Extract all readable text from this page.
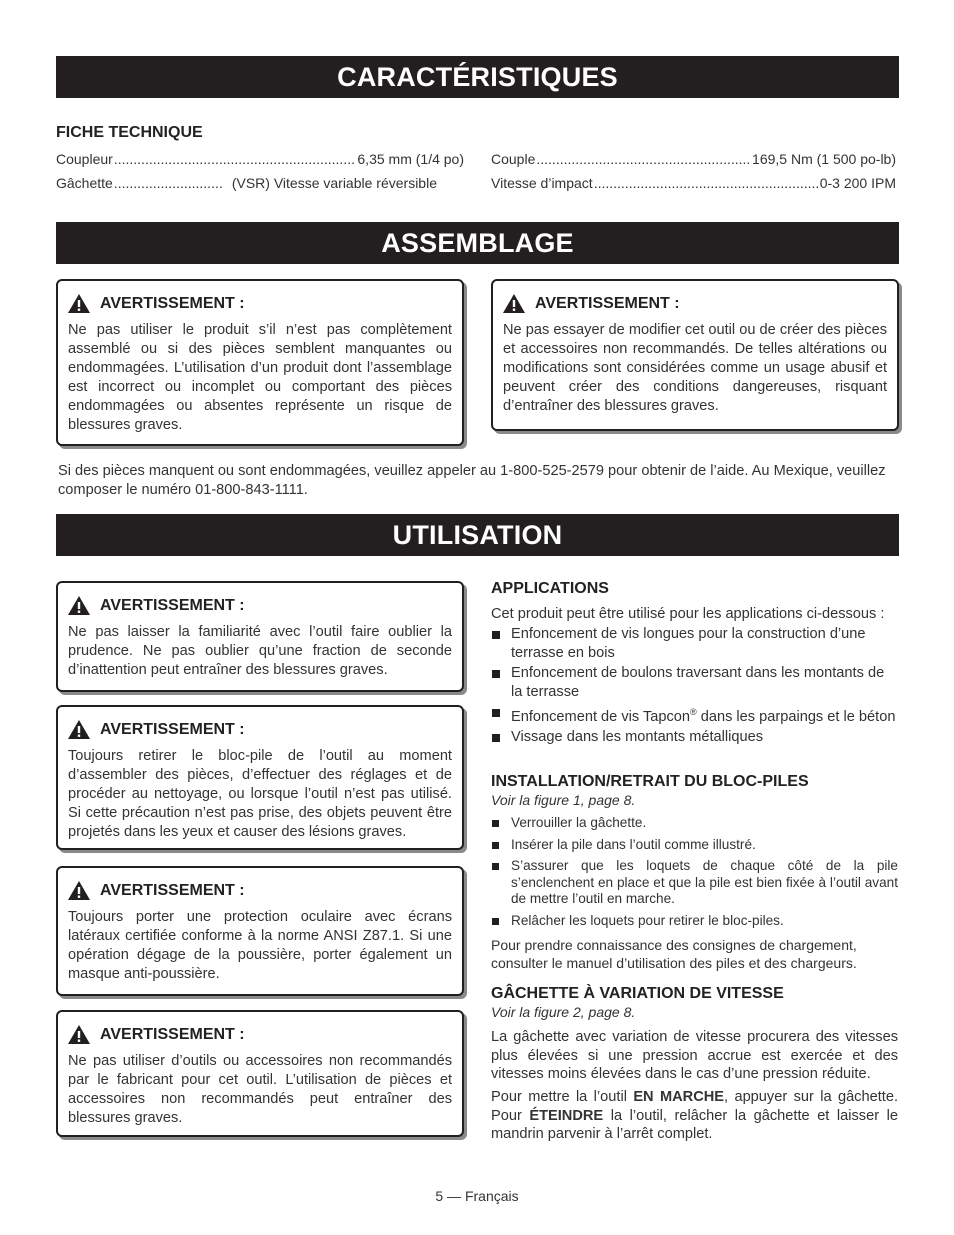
CARACTÉRISTIQUES
FICHE TECHNIQUE
Coupleur .....	6,35 mm (1/4 po)
Gâchette .....	(VSR) Vitesse variable réversible
Couple .....	169,5 Nm (1 500 po-lb)
Vitesse d’impact .....	0-3 200 IPM
ASSEMBLAGE
AVERTISSEMENT :

Ne pas utiliser le produit s’il n’est pas complètement assemblé ou si des pièces semblent manquantes ou endommagées. L’utilisation d’un produit dont l’assemblage est incorrect ou incomplet ou comportant des pièces endommagées ou absentes représente un risque de blessures graves.

AVERTISSEMENT :

Ne pas essayer de modifier cet outil ou de créer des pièces et accessoires non recommandés. De telles altérations ou modifications sont considérées comme un usage abusif et peuvent créer des conditions dangereuses, risquant d’entraîner des blessures graves.

Si des pièces manquent ou sont endommagées, veuillez appeler au 1-800-525-2579 pour obtenir de l’aide. Au Mexique, veuillez composer le numéro 01-800-843-1111.
UTILISATION
AVERTISSEMENT :

Ne pas laisser la familiarité avec l’outil faire oublier la prudence. Ne pas oublier qu’une fraction de seconde d’inattention peut entraîner des blessures graves.

AVERTISSEMENT :

Toujours retirer le bloc-pile de l’outil au moment d’assembler des pièces, d’effectuer des réglages et de procéder au nettoyage, ou lorsque l’outil n’est pas utilisé. Si cette précaution n’est pas prise, des objets peuvent être projetés dans les yeux et causer des lésions graves.

AVERTISSEMENT :

Toujours porter une protection oculaire avec écrans latéraux certifiée conforme à la norme ANSI Z87.1. Si une opération dégage de la poussière, porter également un masque anti-poussière.

AVERTISSEMENT :

Ne pas utiliser d’outils ou accessoires non recommandés par le fabricant pour cet outil. L’utilisation de pièces et accessoires non recommandés peut entraîner des blessures graves.

APPLICATIONS
Cet produit peut être utilisé pour les applications ci-dessous :
Enfoncement de vis longues pour la construction d’une terrasse en bois
Enfoncement de boulons traversant dans les montants de la terrasse
Enfoncement de vis Tapcon® dans les parpaings et le béton
Vissage dans les montants métalliques
INSTALLATION/RETRAIT DU BLOC-PILES
Voir la figure 1, page 8.
Verrouiller la gâchette.
Insérer la pile dans l’outil comme illustré.
S’assurer que les loquets de chaque côté de la pile s’enclenchent en place et que la pile est bien fixée à l’outil avant de mettre l’outil en marche.
Relâcher les loquets pour retirer le bloc-piles.
Pour prendre connaissance des consignes de chargement, consulter le manuel d’utilisation des piles et des chargeurs.
GÂCHETTE À VARIATION DE VITESSE
Voir la figure 2, page 8.
La gâchette avec variation de vitesse procurera des vitesses plus élevées si une pression accrue est exercée et des vitesses moins élevées dans le cas d’une pression réduite.
Pour mettre la l’outil EN MARCHE, appuyer sur la gâchette. Pour ÉTEINDRE la l’outil, relâcher la gâchette et laisser le mandrin parvenir à l’arrêt complet.
5 — Français
